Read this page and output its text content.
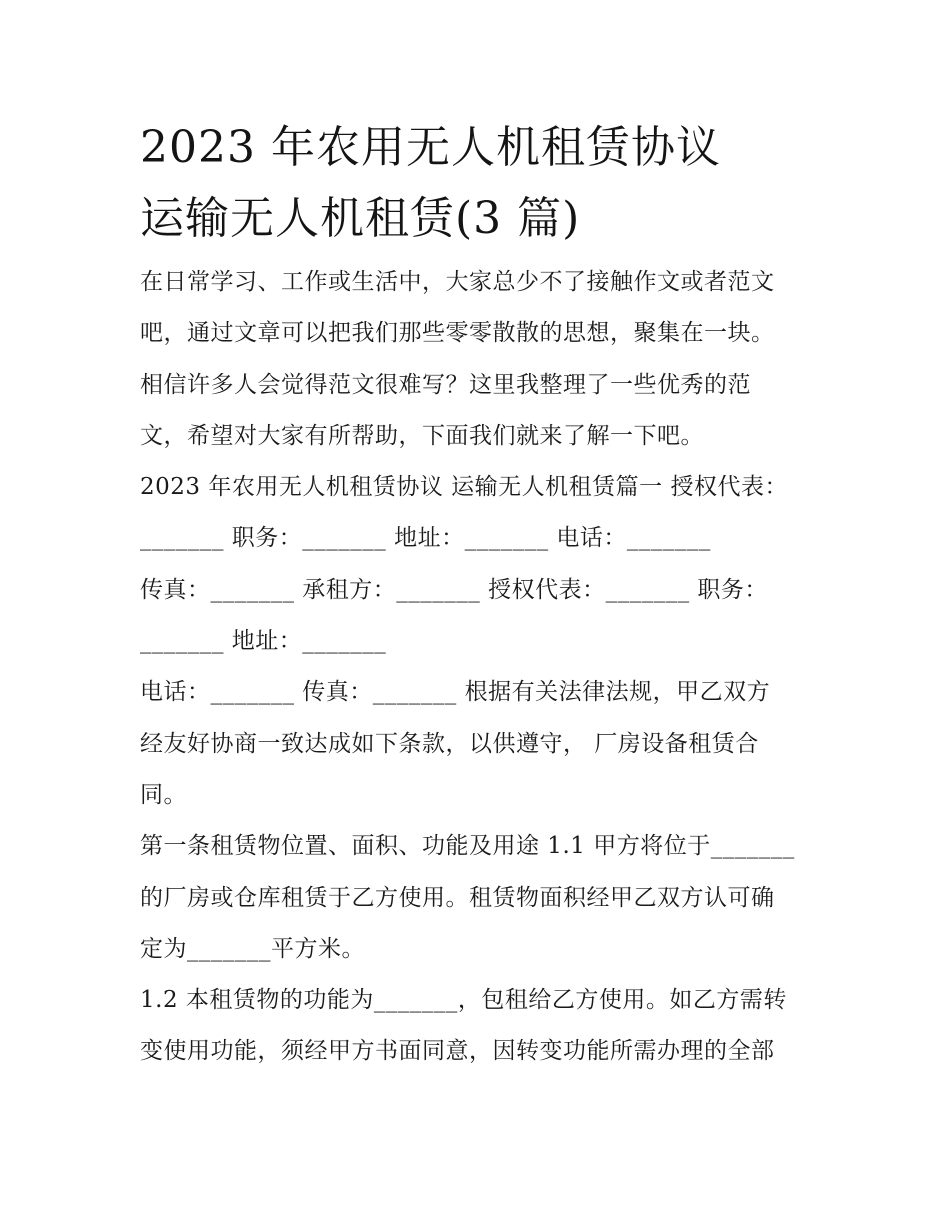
2023 年农用无人机租赁协议
运输无人机租赁(3 篇)

在日常学习、工作或生活中，大家总少不了接触作文或者范文
吧，通过文章可以把我们那些零零散散的思想，聚集在一块。
相信许多人会觉得范文很难写？这里我整理了一些优秀的范
文，希望对大家有所帮助，下面我们就来了解一下吧。

2023 年农用无人机租赁协议 运输无人机租赁篇一 授权代表：
_______ 职务：_______ 地址：_______ 电话：_______

传真：_______ 承租方：_______ 授权代表：_______ 职务：
_______ 地址：_______

电话：_______ 传真：_______ 根据有关法律法规，甲乙双方
经友好协商一致达成如下条款，以供遵守， 厂房设备租赁合
同。

第一条租赁物位置、面积、功能及用途 1.1 甲方将位于_______
的厂房或仓库租赁于乙方使用。租赁物面积经甲乙双方认可确
定为_______平方米。

1.2 本租赁物的功能为_______，包租给乙方使用。如乙方需转
变使用功能，须经甲方书面同意，因转变功能所需办理的全部
